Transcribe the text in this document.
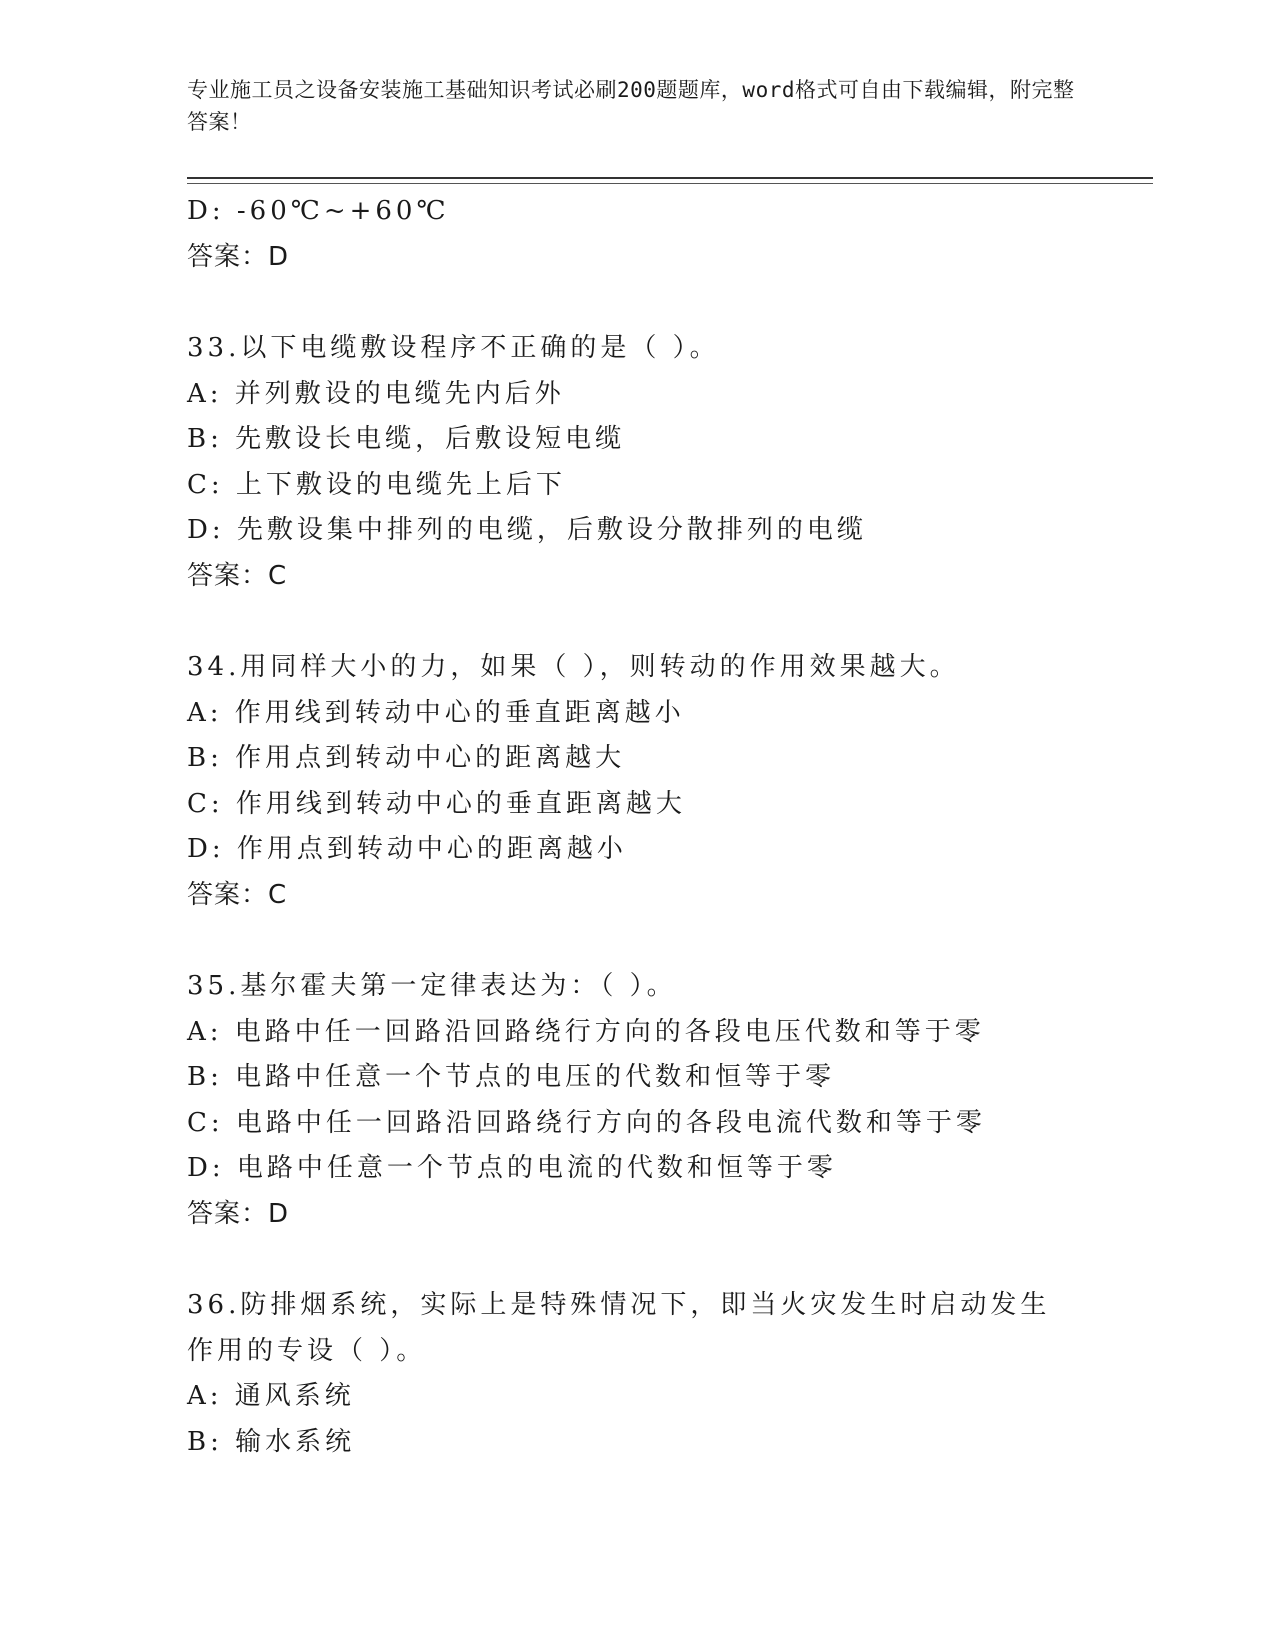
专业施工员之设备安装施工基础知识考试必刷200题题库，word格式可自由下载编辑，附完整答案！
D: -60℃~+60℃
答案：D
33.以下电缆敷设程序不正确的是（ ）。
A: 并列敷设的电缆先内后外
B: 先敷设长电缆，后敷设短电缆
C: 上下敷设的电缆先上后下
D: 先敷设集中排列的电缆，后敷设分散排列的电缆
答案：C
34.用同样大小的力，如果（ ），则转动的作用效果越大。
A: 作用线到转动中心的垂直距离越小
B: 作用点到转动中心的距离越大
C: 作用线到转动中心的垂直距离越大
D: 作用点到转动中心的距离越小
答案：C
35.基尔霍夫第一定律表达为：（ ）。
A: 电路中任一回路沿回路绕行方向的各段电压代数和等于零
B: 电路中任意一个节点的电压的代数和恒等于零
C: 电路中任一回路沿回路绕行方向的各段电流代数和等于零
D: 电路中任意一个节点的电流的代数和恒等于零
答案：D
36.防排烟系统，实际上是特殊情况下，即当火灾发生时启动发生作用的专设（ ）。
A: 通风系统
B: 输水系统
